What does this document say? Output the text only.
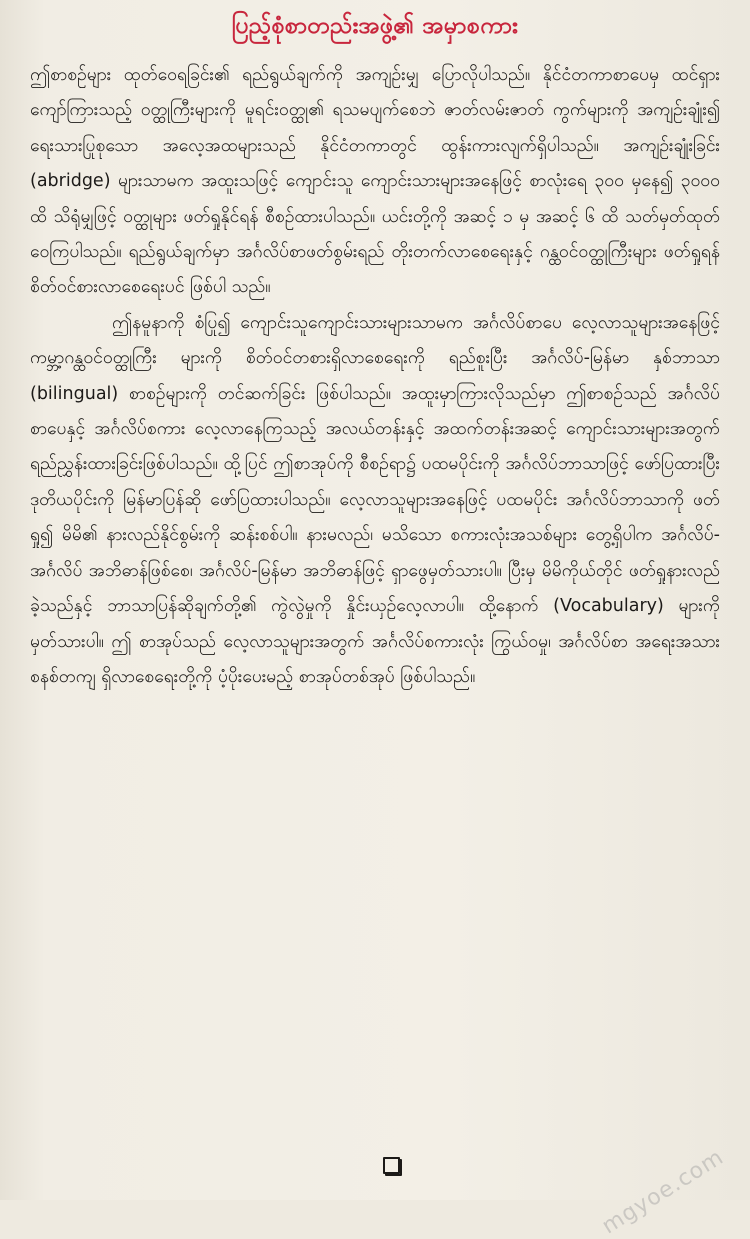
ပြည့်စုံစာတည်းအဖွဲ့၏ အမှာစကား

ဤစာစဉ်များ ထုတ်ဝေရခြင်း၏ ရည်ရွယ်ချက်ကို အကျဉ်းမျှ ပြောလိုပါသည်။ နိုင်ငံတကာစာပေမှ ထင်ရှားကျော်ကြားသည့် ဝတ္ထုကြီးများကို မူရင်းဝတ္ထု၏ ရသမပျက်စေဘဲ ဇာတ်လမ်းဇာတ် ကွက်များကို အကျဉ်းချုံး၍ ရေးသားပြုစုသော အလေ့အထများသည် နိုင်ငံတကာတွင် ထွန်းကားလျက်ရှိပါသည်။ အကျဉ်းချုံးခြင်း (abridge) များသာမက အထူးသဖြင့် ကျောင်းသူ ကျောင်းသားများအနေဖြင့် စာလုံးရေ ၃၀၀ မှနေ၍ ၃၀၀၀ ထိ သိရုံမျှဖြင့် ဝတ္ထုများ ဖတ်ရှုနိုင်ရန် စီစဉ်ထားပါသည်။ ယင်းတို့ကို အဆင့် ၁ မှ အဆင့် ၆ ထိ သတ်မှတ်ထုတ်ဝေကြပါသည်။ ရည်ရွယ်ချက်မှာ အင်္ဂလိပ်စာဖတ်စွမ်းရည် တိုးတက်လာစေရေးနှင့် ဂန္ထဝင်ဝတ္ထုကြီးများ ဖတ်ရှုရန် စိတ်ဝင်စားလာစေရေးပင် ဖြစ်ပါ သည်။

ဤနမူနာကို စံပြု၍ ကျောင်းသူကျောင်းသားများသာမက အင်္ဂလိပ်စာပေ လေ့လာသူများအနေဖြင့် ကမ္ဘာ့ဂန္ထဝင်ဝတ္ထုကြီး များကို စိတ်ဝင်တစားရှိလာစေရေးကို ရည်စူးပြီး အင်္ဂလိပ်-မြန်မာ နှစ်ဘာသာ (bilingual) စာစဉ်များကို တင်ဆက်ခြင်း ဖြစ်ပါသည်။ အထူးမှာကြားလိုသည်မှာ ဤစာစဉ်သည် အင်္ဂလိပ်စာပေနှင့် အင်္ဂလိပ်စကား လေ့လာနေကြသည့် အလယ်တန်းနှင့် အထက်တန်းအဆင့် ကျောင်းသားများအတွက် ရည်ညွှန်းထားခြင်းဖြစ်ပါသည်။ ထို့ပြင် ဤစာအုပ်ကို စီစဉ်ရာ၌ ပထမပိုင်းကို အင်္ဂလိပ်ဘာသာဖြင့် ဖော်ပြထားပြီး ဒုတိယပိုင်းကို မြန်မာပြန်ဆို ဖော်ပြထားပါသည်။ လေ့လာသူများအနေဖြင့် ပထမပိုင်း အင်္ဂလိပ်ဘာသာကို ဖတ်ရှု၍ မိမိ၏ နားလည်နိုင်စွမ်းကို ဆန်းစစ်ပါ။ နားမလည်၊ မသိသော စကားလုံးအသစ်များ တွေ့ရှိပါက အင်္ဂလိပ်-အင်္ဂလိပ် အဘိဓာန်ဖြစ်စေ၊ အင်္ဂလိပ်-မြန်မာ အဘိဓာန်ဖြင့် ရှာဖွေမှတ်သားပါ။ ပြီးမှ မိမိကိုယ်တိုင် ဖတ်ရှုနားလည်ခဲ့သည်နှင့် ဘာသာပြန်ဆိုချက်တို့၏ ကွဲလွဲမှုကို နှိုင်းယှဉ်လေ့လာပါ။ ထို့နောက် (Vocabulary) များကို မှတ်သားပါ။ ဤ စာအုပ်သည် လေ့လာသူများအတွက် အင်္ဂလိပ်စကားလုံး ကြွယ်ဝမှု၊ အင်္ဂလိပ်စာ အရေးအသား စနစ်တကျ ရှိလာစေရေးတို့ကို ပံ့ပိုးပေးမည့် စာအုပ်တစ်အုပ် ဖြစ်ပါသည်။

mgyoe.com
